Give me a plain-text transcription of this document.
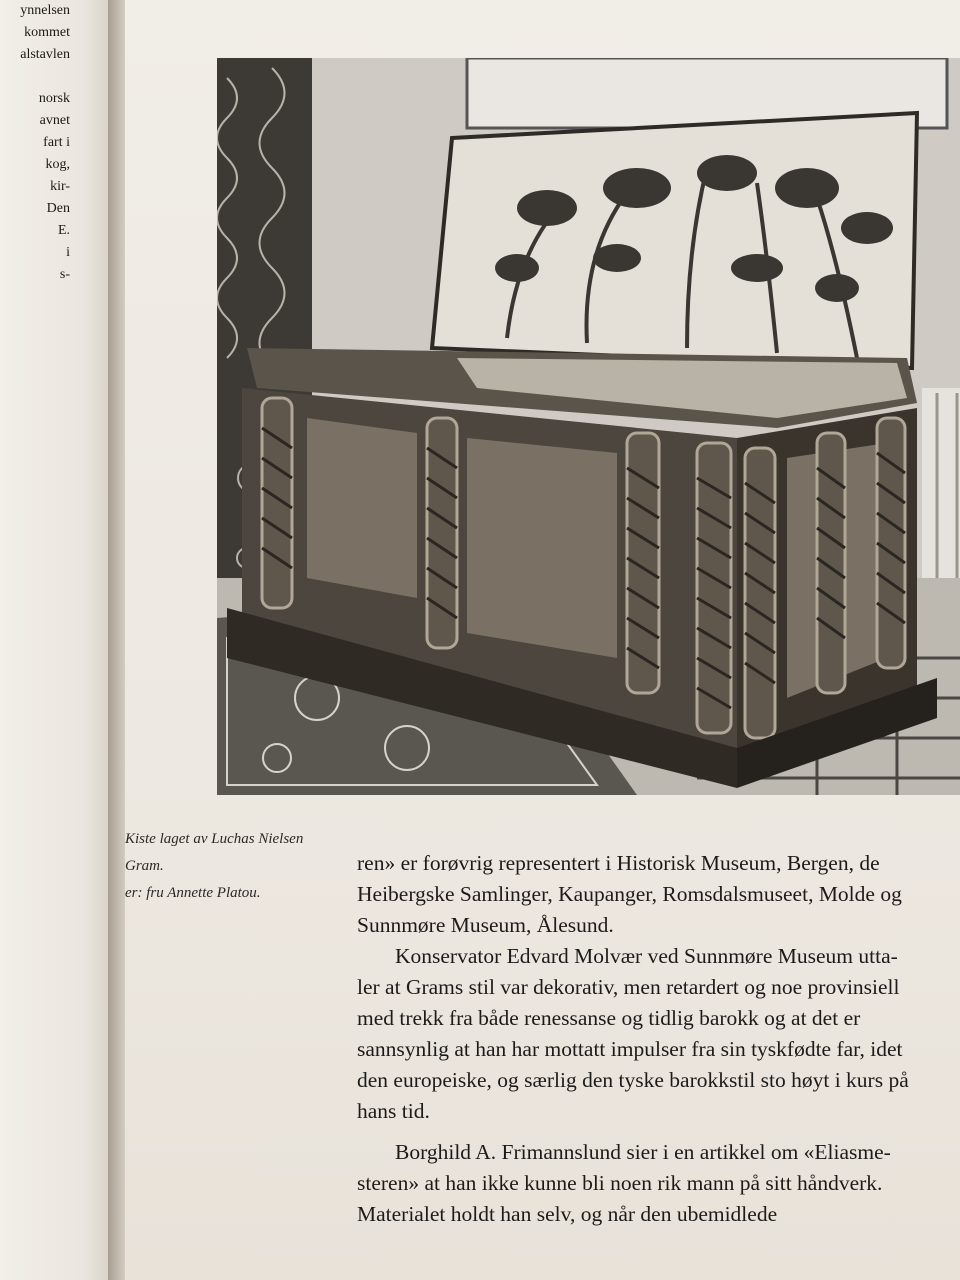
ynnelsen
kommet
alstavlen
norsk
avnet
fart i
kog,
kir-
Den
E.
i
s-
Kiste laget av Luchas Nielsen
Gram.
er: fru Annette Platou.
ren» er forøvrig representert i Historisk Museum, Bergen, de
Heibergske Samlinger, Kaupanger, Romsdalsmuseet, Molde og
Sunnmøre Museum, Ålesund.
Konservator Edvard Molvær ved Sunnmøre Museum utta-
ler at Grams stil var dekorativ, men retardert og noe provinsiell
med trekk fra både renessanse og tidlig barokk og at det er
sannsynlig at han har mottatt impulser fra sin tyskfødte far, idet
den europeiske, og særlig den tyske barokkstil sto høyt i kurs på
hans tid.
Borghild A. Frimannslund sier i en artikkel om «Eliasme-
steren» at han ikke kunne bli noen rik mann på sitt håndverk.
Materialet holdt han selv, og når den ubemidlede
